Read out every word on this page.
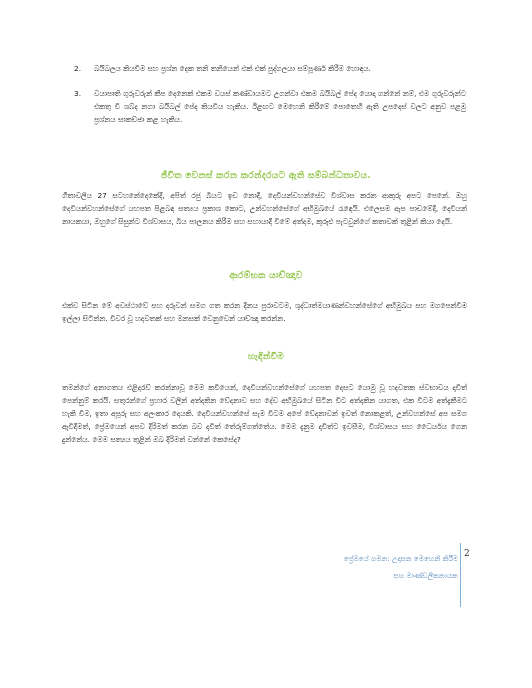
2.	බයිබලය කියවීම සහ ප්‍රශ්න දෙක තනි තනියෙන් එක් එක් පුද්ගලයා සම්පූර්ණ කිරීම හොඳය.

3.	වයාපෘති ගුරුවරුන් කීප දෙනෙක් එකම වයස් කණ්ඩායමට උගන්වා එකම බයිබල් පේද යොදා ගන්නේ නම්, එම ගුරුවරුන්ට එකතු වී ශබ්ද නගා බයිබල් පේද කියවිය හැකිය. ඊළඟට මෙහෙනි කිරීමේ පොතෙහි ඇති උපදෙස් වලට අනුව පළමු ප්‍රශ්නය සාකච්ඡා කළ හැකිය.

ජීවිත වෙනස් කරන කරන්දරයට ඇති සම්බන්ධතාවය.

ගීතාවලිය 27 සටහනේදෙකේදී, අපිත් රජු බියට ඉඩ නොදී, දෙවියන්වහන්සේව විශ්වාස කරන ආකුරු අපට පෙනේ. ඔහු දෙවියන්වහන්සේගේ යහපත පිළබඳ සත්‍යය ප්‍රකාශ කොට, උන්වහන්සේගේ අභිමුඛයේ රැඳෙයි. එලෙසම ඇප පාඩමේදී, දෙවියන් නායකයා, ඔහුගේ සිසුන්ට විශ්වාසය, බිය පාලනය කිරීම සහ සහායාදී වීමේ අත්දම, කුරුළු පැටවුන්ගේ කතාවක් තුළින් කියා දෙයි.

ආරම්භක යාච්ඤාව

එක්ව සිටින මේ අවස්ථාවේ සහ දරුවන් සමග ගත කරන දිනය පුරාවටම, ශුද්ධාත්මයාණන්වහන්සේගේ අභිමුඛය සහ මගපෙන්වීම ඉල්ලා සිටින්න. විවර වූ හදවතක් සහ මනසක් වෙනුවෙන් යාච්ඤා කරන්න.

හැඳින්වීම

තමන්ගේ අනාගතය එළිදරව් කරන්නාවූ මෙම කවියෙන්, දෙවියන්වහන්සේගේ යහපත දෙසට යොමු වූ හදවතක ස්වභාවය දාවිත් පෙන්නුම් කරයි. සතුරන්ගේ ප්‍රහාර වලින් අත්දකින වේදනාව සහ දේව අභිමුඛයේ සිටින විට අත්දකින යාගත, එක විටම අත්දැකීමට හැකි වීම, ඉතා අපූරු සහ අලංකාර දෙයකි. දෙවියන්වහන්සේ සැම විටම අපේ වේදනාවන් ඉවත් නොකළත්, උන්වහන්සේ අප සමග ඇවිදීමත්, ප්‍රේමයෙන් අපව දිරිමත් කරන බව දාවිත් තේරුම්ගත්තේය. මෙම දැනුම දාවිත්ට ඉවසීම, විශ්වාසය සහ ධෛර්යය ගෙන දුන්නේය. මෙම සත්‍යය තුළින් ඔබ දිරිමත් වන්නේ කෙසේද?

ප්‍රේමයේ ගමන: උදාසන මෙහෙනි කිරීම
සහ මාණ්ඩලිකනායක
2
